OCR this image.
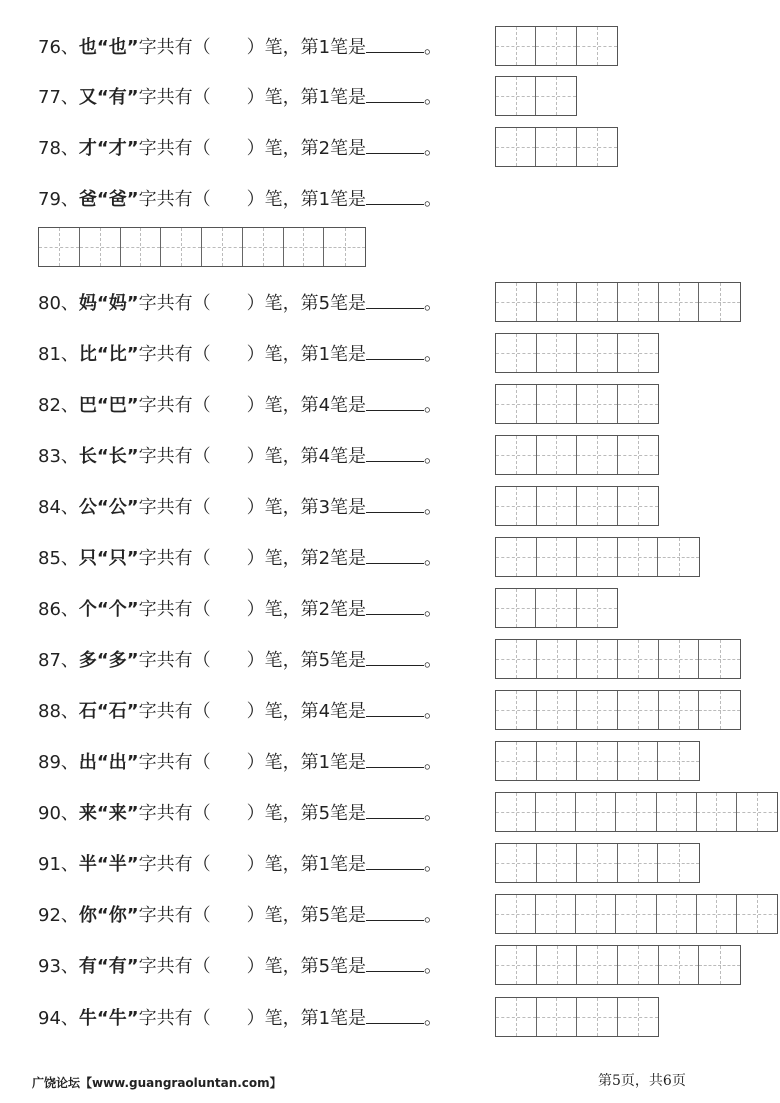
76、也“也”字共有（　　）笔，第1笔是	。
77、又“有”字共有（　　）笔，第1笔是	。
78、才“才”字共有（　　）笔，第2笔是	。
79、爸“爸”字共有（　　）笔，第1笔是	。
80、妈“妈”字共有（　　）笔，第5笔是	。
81、比“比”字共有（　　）笔，第1笔是	。
82、巴“巴”字共有（　　）笔，第4笔是	。
83、长“长”字共有（　　）笔，第4笔是	。
84、公“公”字共有（　　）笔，第3笔是	。
85、只“只”字共有（　　）笔，第2笔是	。
86、个“个”字共有（　　）笔，第2笔是	。
87、多“多”字共有（　　）笔，第5笔是	。
88、石“石”字共有（　　）笔，第4笔是	。
89、出“出”字共有（　　）笔，第1笔是	。
90、来“来”字共有（　　）笔，第5笔是	。
91、半“半”字共有（　　）笔，第1笔是	。
92、你“你”字共有（　　）笔，第5笔是	。
93、有“有”字共有（　　）笔，第5笔是	。
94、牛“牛”字共有（　　）笔，第1笔是	。
广饶论坛【www.guangraoluntan.com】	第5页，共6页
